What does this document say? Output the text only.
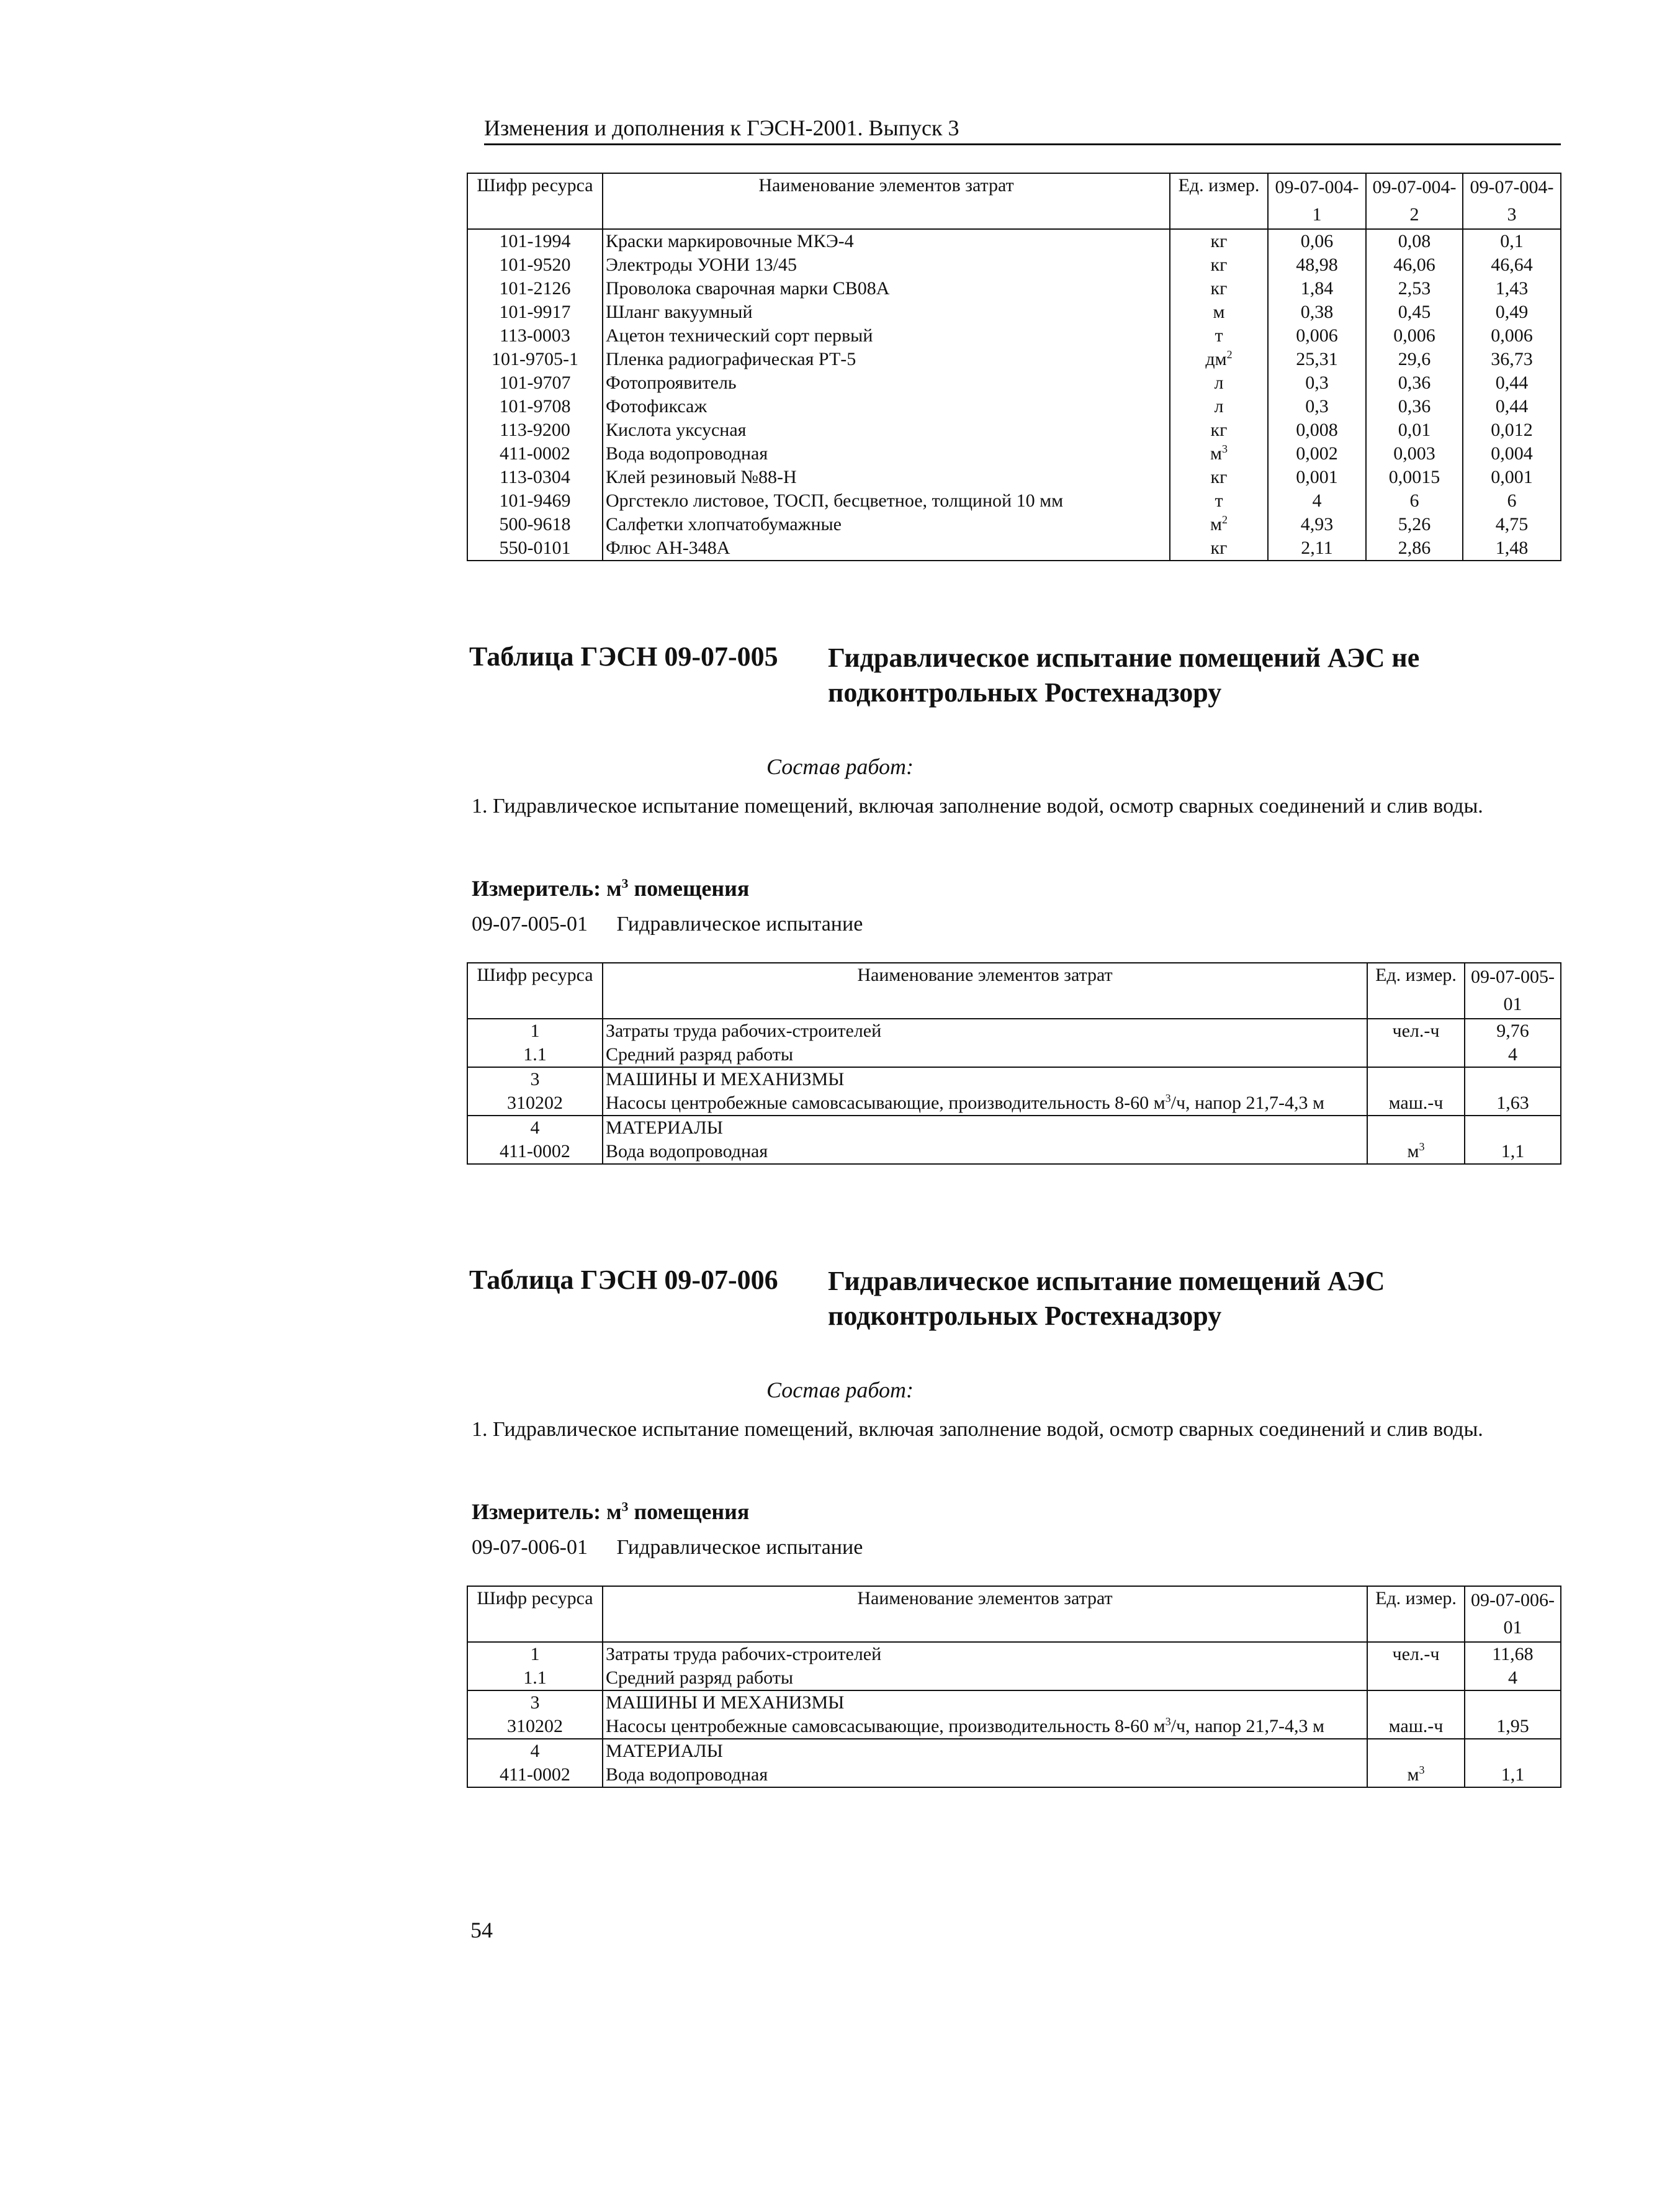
Изменения и дополнения к ГЭСН-2001. Выпуск 3
Шифр ресурса	Наименование элементов затрат	Ед. измер.	09-07-004-1	09-07-004-2	09-07-004-3
101-1994	Краски маркировочные МКЭ-4	кг	0,06	0,08	0,1
101-9520	Электроды УОНИ 13/45	кг	48,98	46,06	46,64
101-2126	Проволока сварочная марки СВ08А	кг	1,84	2,53	1,43
101-9917	Шланг вакуумный	м	0,38	0,45	0,49
113-0003	Ацетон технический сорт первый	т	0,006	0,006	0,006
101-9705-1	Пленка радиографическая РТ-5	$дм^2$	25,31	29,6	36,73
101-9707	Фотопроявитель	л	0,3	0,36	0,44
101-9708	Фотофиксаж	л	0,3	0,36	0,44
113-9200	Кислота уксусная	кг	0,008	0,01	0,012
411-0002	Вода водопроводная	$м^3$	0,002	0,003	0,004
113-0304	Клей резиновый №88-Н	кг	0,001	0,0015	0,001
101-9469	Оргстекло листовое, ТОСП, бесцветное, толщиной 10 мм	т	4	6	6
500-9618	Салфетки хлопчатобумажные	$м^2$	4,93	5,26	4,75
550-0101	Флюс АН-348А	кг	2,11	2,86	1,48
Таблица ГЭСН 09-07-005 Гидравлическое испытание помещений АЭС не
подконтрольных Ростехнадзору
Состав работ:
1. Гидравлическое испытание помещений, включая заполнение водой, осмотр сварных соединений и слив воды.
Измеритель: $м^3$ помещения
09-07-005-01 Гидравлическое испытание
Шифр ресурса	Наименование элементов затрат	Ед. измер.	09-07-005-01
1	Затраты труда рабочих-строителей	чел.-ч	9,76
1.1	Средний разряд работы		4
3	МАШИНЫ И МЕХАНИЗМЫ		
310202	Насосы центробежные самовсасывающие, производительность 8-60 $м^3/ч$, напор 21,7-4,3 м	маш.-ч	1,63
4	МАТЕРИАЛЫ		
411-0002	Вода водопроводная	$м^3$	1,1
Таблица ГЭСН 09-07-006 Гидравлическое испытание помещений АЭС
подконтрольных Ростехнадзору
Состав работ:
1. Гидравлическое испытание помещений, включая заполнение водой, осмотр сварных соединений и слив воды.
Измеритель: $м^3$ помещения
09-07-006-01 Гидравлическое испытание
Шифр ресурса	Наименование элементов затрат	Ед. измер.	09-07-006-01
1	Затраты труда рабочих-строителей	чел.-ч	11,68
1.1	Средний разряд работы		4
3	МАШИНЫ И МЕХАНИЗМЫ		
310202	Насосы центробежные самовсасывающие, производительность 8-60 $м^3/ч$, напор 21,7-4,3 м	маш.-ч	1,95
4	МАТЕРИАЛЫ		
411-0002	Вода водопроводная	$м^3$	1,1
54
